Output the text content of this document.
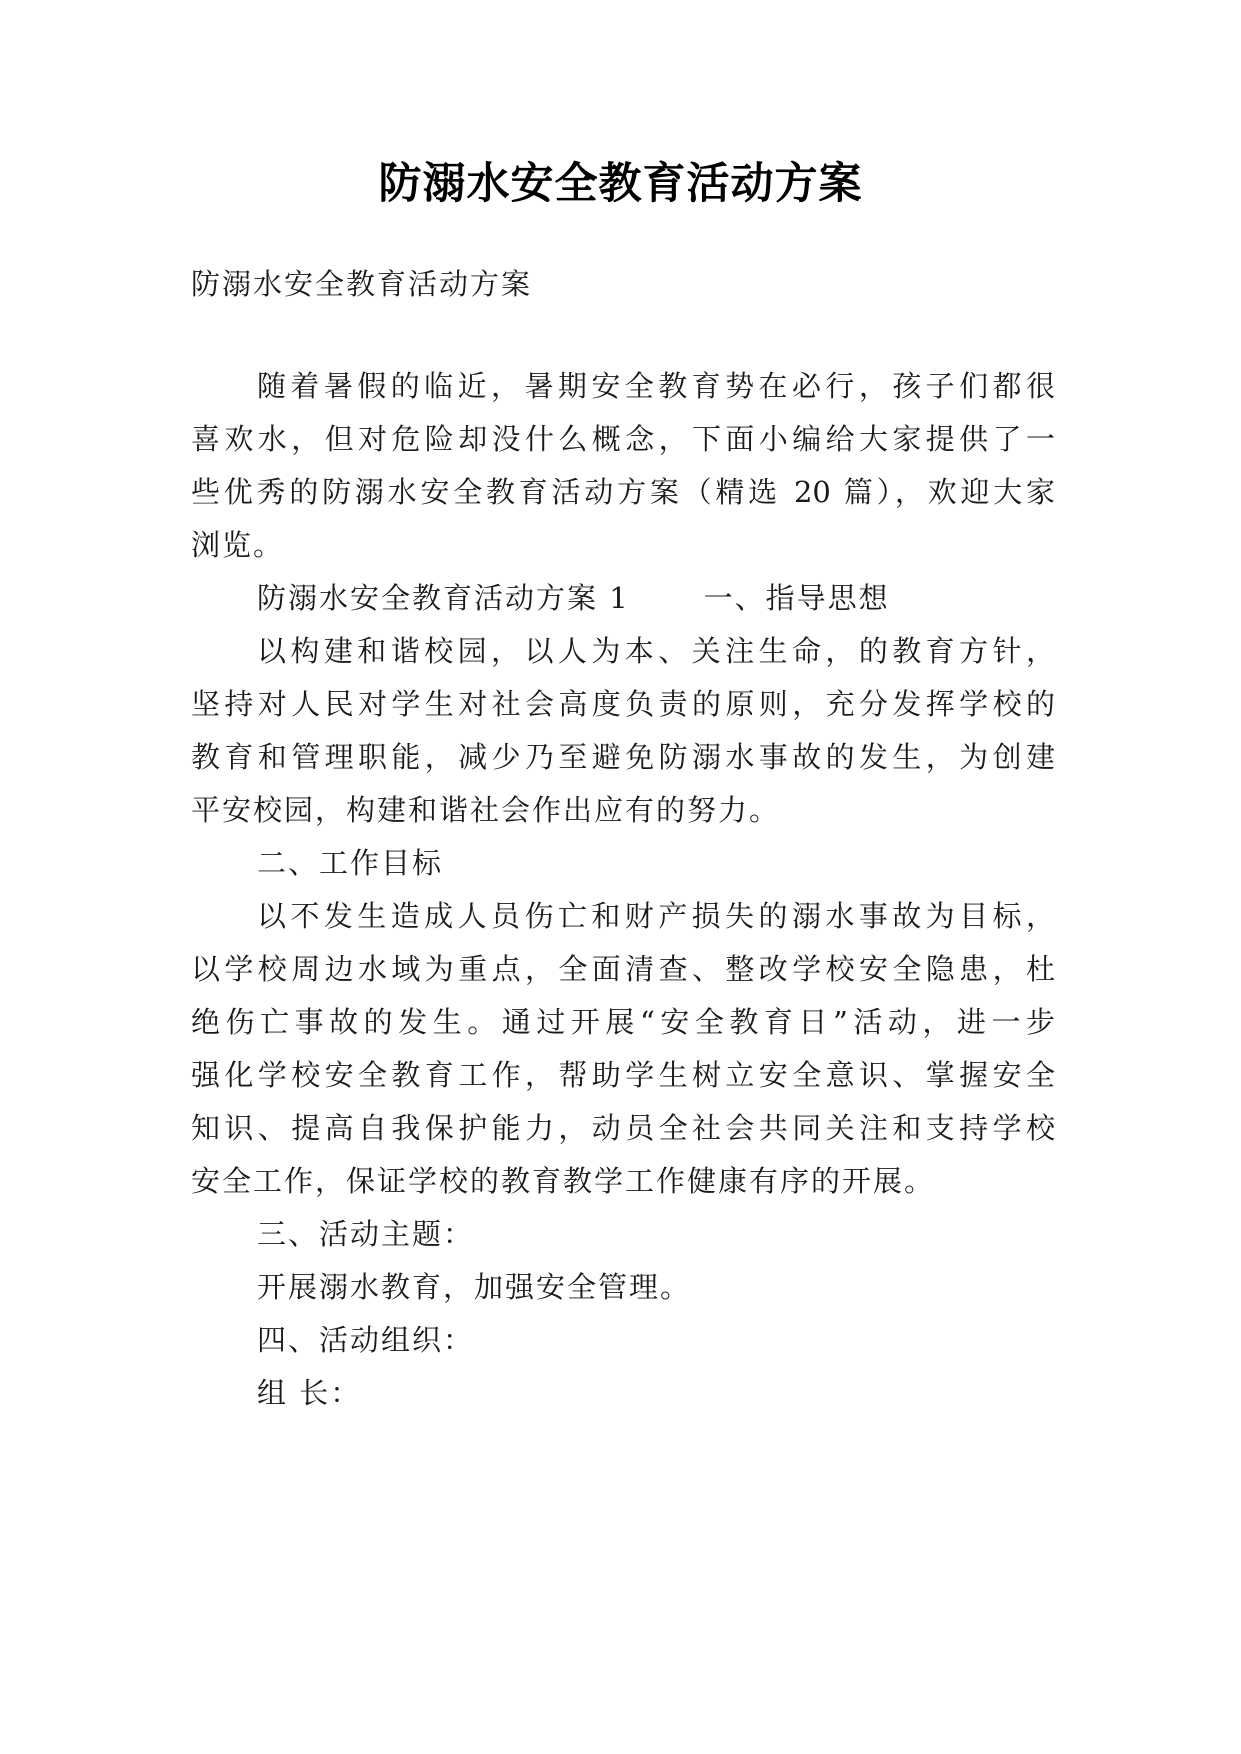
防溺水安全教育活动方案
防溺水安全教育活动方案
随着暑假的临近，暑期安全教育势在必行，孩子们都很
喜欢水，但对危险却没什么概念，下面小编给大家提供了一
些优秀的防溺水安全教育活动方案（精选 20 篇），欢迎大家
浏览。
防溺水安全教育活动方案 1	一、指导思想
以构建和谐校园，以人为本、关注生命，的教育方针，
坚持对人民对学生对社会高度负责的原则，充分发挥学校的
教育和管理职能，减少乃至避免防溺水事故的发生，为创建
平安校园，构建和谐社会作出应有的努力。
二、工作目标
以不发生造成人员伤亡和财产损失的溺水事故为目标，
以学校周边水域为重点，全面清查、整改学校安全隐患，杜
绝伤亡事故的发生。通过开展“安全教育日”活动，进一步
强化学校安全教育工作，帮助学生树立安全意识、掌握安全
知识、提高自我保护能力，动员全社会共同关注和支持学校
安全工作，保证学校的教育教学工作健康有序的开展。
三、活动主题：
开展溺水教育，加强安全管理。
四、活动组织：
组 长：
